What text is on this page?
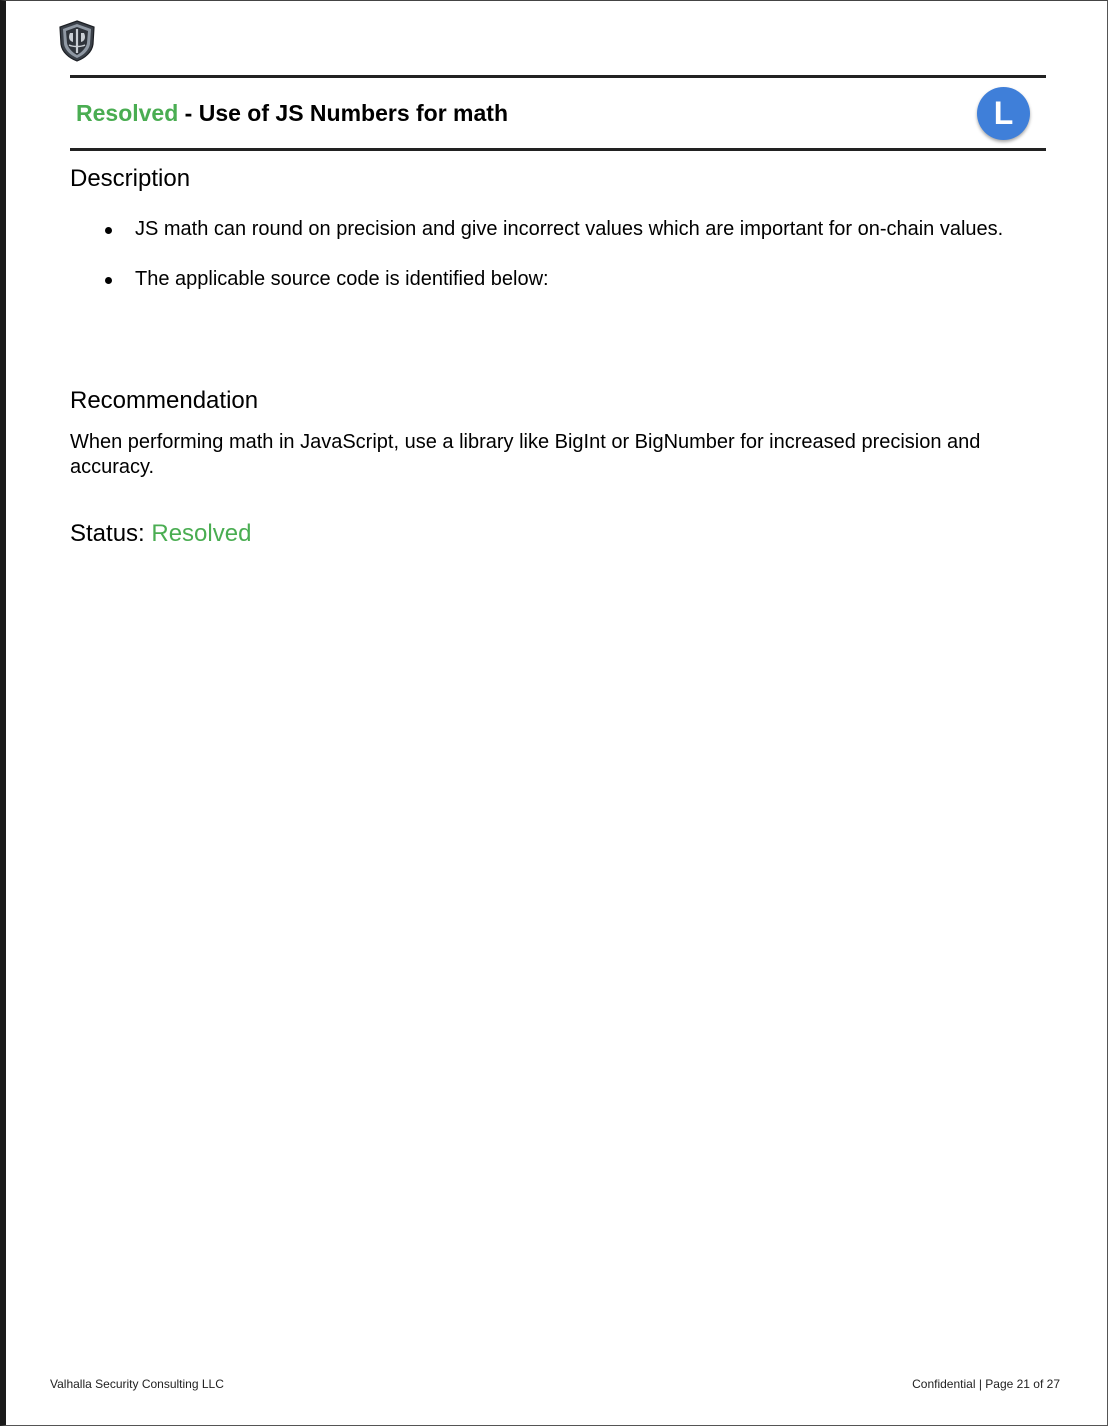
Resolved - Use of JS Numbers for math	L
Description
JS math can round on precision and give incorrect values which are important for on-chain values.
The applicable source code is identified below:
Recommendation

When performing math in JavaScript, use a library like BigInt or BigNumber for increased precision and accuracy.

Status: Resolved
Valhalla Security Consulting LLC	Confidential | Page 21 of 27
